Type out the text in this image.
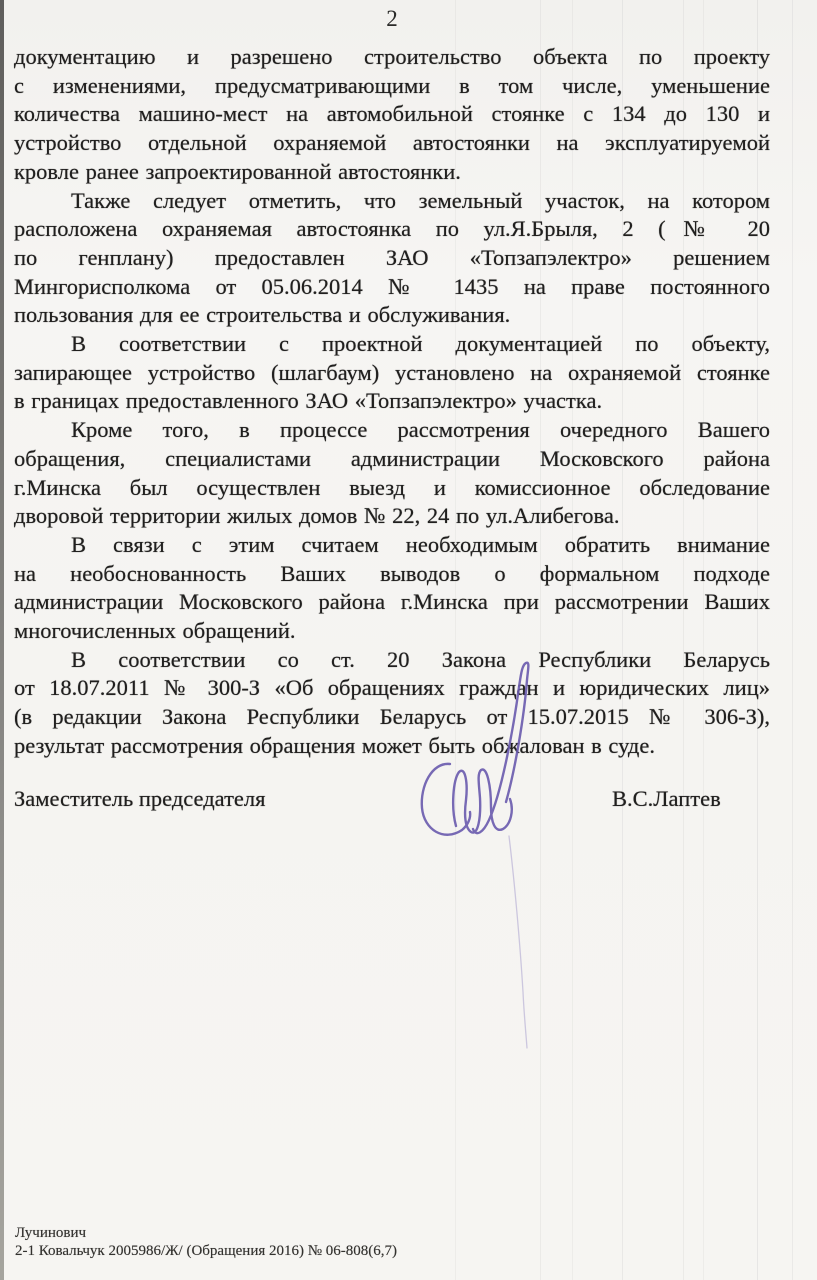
2
документацию и разрешено строительство объекта по проекту
с изменениями, предусматривающими в том числе, уменьшение
количества машино-мест на автомобильной стоянке с 134 до 130 и
устройство отдельной охраняемой автостоянки на эксплуатируемой
кровле ранее запроектированной автостоянки.
Также следует отметить, что земельный участок, на котором
расположена охраняемая автостоянка по ул.Я.Брыля, 2 (№ 20
по генплану) предоставлен ЗАО «Топзапэлектро» решением
Мингорисполкома от 05.06.2014 № 1435 на праве постоянного
пользования для ее строительства и обслуживания.
В соответствии с проектной документацией по объекту,
запирающее устройство (шлагбаум) установлено на охраняемой стоянке
в границах предоставленного ЗАО «Топзапэлектро» участка.
Кроме того, в процессе рассмотрения очередного Вашего
обращения, специалистами администрации Московского района
г.Минска был осуществлен выезд и комиссионное обследование
дворовой территории жилых домов № 22, 24 по ул.Алибегова.
В связи с этим считаем необходимым обратить внимание
на необоснованность Ваших выводов о формальном подходе
администрации Московского района г.Минска при рассмотрении Ваших
многочисленных обращений.
В соответствии со ст. 20 Закона Республики Беларусь
от 18.07.2011 № 300-З «Об обращениях граждан и юридических лиц»
(в редакции Закона Республики Беларусь от 15.07.2015 № 306-З),
результат рассмотрения обращения может быть обжалован в суде.
Заместитель председателя	В.С.Лаптев
Лучинович
2-1 Ковальчук 2005986/Ж/ (Обращения 2016) № 06-808(6,7)
